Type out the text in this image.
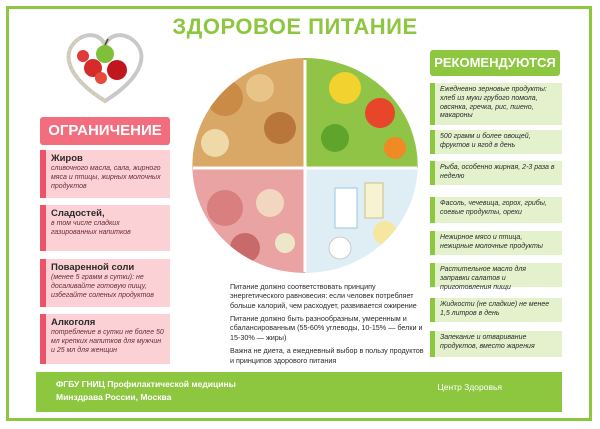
ЗДОРОВОЕ ПИТАНИЕ
ОГРАНИЧЕНИЕ
Жиров
сливочного масла, сала, жирного мяса и птицы, жирных молочных продуктов
Сладостей,
в том числе сладких газированных напитков
Поваренной соли
(менее 5 грамм в сутки): не досаливайте готовую пищу, избегайте соленых продуктов
Алкоголя
потребление в сутки не более 50 мл крепких напитков для мужчин и 25 мл для женщин
РЕКОМЕНДУЮТСЯ
Ежедневно зерновые продукты: хлеб из муки грубого помола, овсянка, гречка, рис, пшено, макароны
500 грамм и более овощей, фруктов и ягод в день
Рыба, особенно жирная, 2-3 раза в неделю
Фасоль, чечевица, горох, грибы, соевые продукты, орехи
Нежирное мясо и птица, нежирные молочные продукты
Растительное масло для заправки салатов и приготовления пищи
Жидкости (не сладкие) не менее 1,5 литров в день
Запекание и отваривание продуктов, вместо жарения

Питание должно соответствовать принципу энергетического равновесия: если человек потребляет больше калорий, чем расходует, развивается ожирение

Питание должно быть разнообразным, умеренным и сбалансированным (55-60% углеводы, 10-15% — белки и 15-30% — жиры)

Важна не диета, а ежедневный выбор в пользу продуктов и принципов здорового питания

ФГБУ ГНИЦ Профилактической медицины
Минздрава России, Москва
Центр Здоровья
